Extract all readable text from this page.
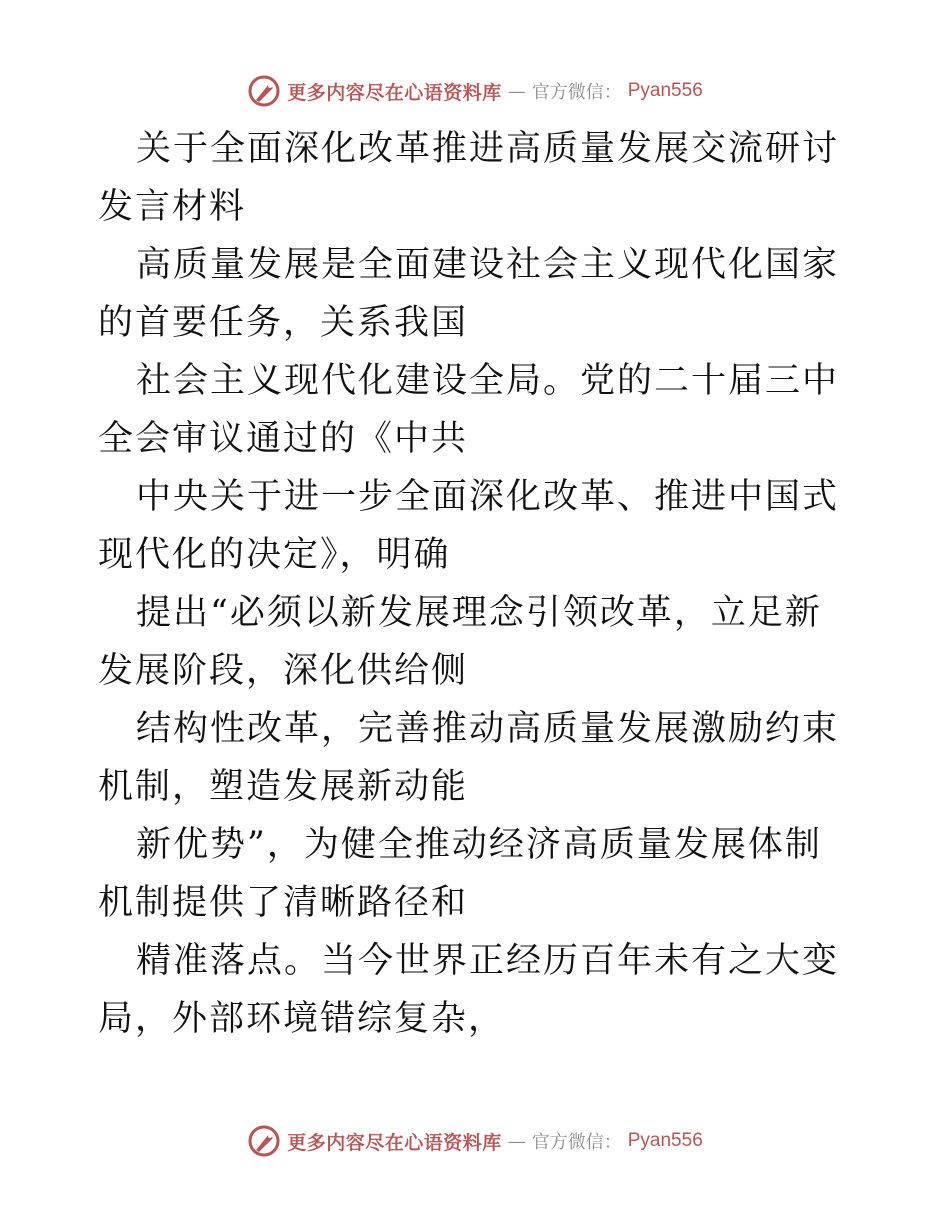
更多内容尽在心语资料库 — 官方微信： Pyan556

关于全面深化改革推进高质量发展交流研讨发言材料

高质量发展是全面建设社会主义现代化国家的首要任务，关系我国

社会主义现代化建设全局。党的二十届三中全会审议通过的《中共

中央关于进一步全面深化改革、推进中国式现代化的决定》，明确

提出“必须以新发展理念引领改革，立足新发展阶段，深化供给侧

结构性改革，完善推动高质量发展激励约束机制，塑造发展新动能

新优势”，为健全推动经济高质量发展体制机制提供了清晰路径和

精准落点。当今世界正经历百年未有之大变局，外部环境错综复杂，

更多内容尽在心语资料库 — 官方微信： Pyan556
